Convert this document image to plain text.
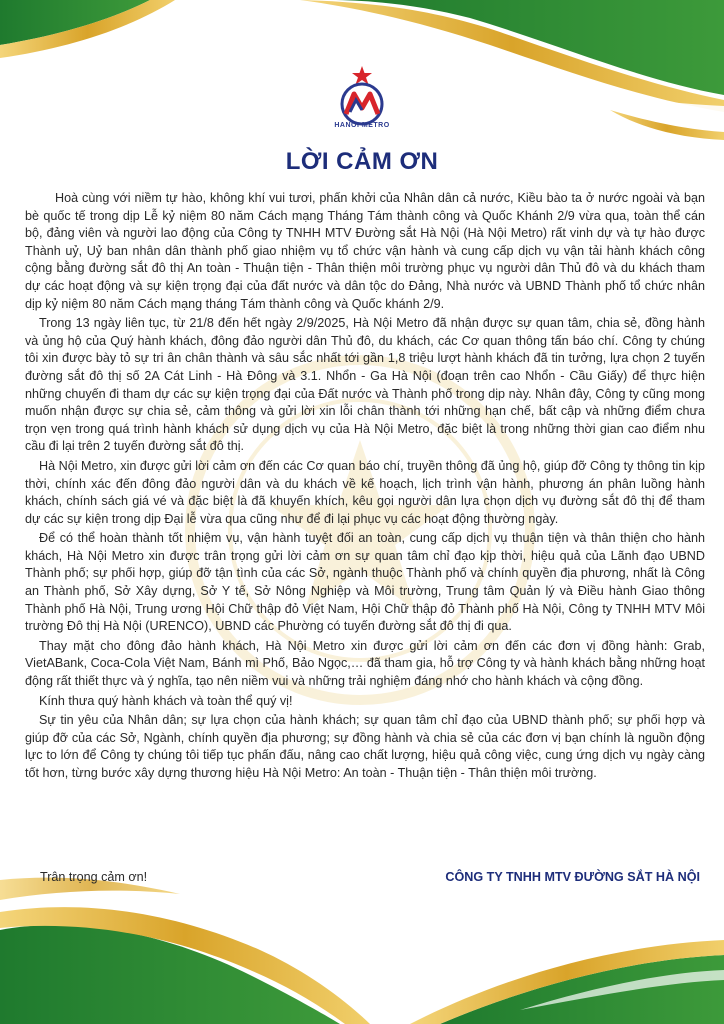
HANOI METRO
LỜI CẢM ƠN

Hoà cùng với niềm tự hào, không khí vui tươi, phấn khởi của Nhân dân cả nước, Kiều bào ta ở nước ngoài và bạn bè quốc tế trong dịp Lễ kỷ niệm 80 năm Cách mạng Tháng Tám thành công và Quốc Khánh 2/9 vừa qua, toàn thể cán bộ, đảng viên và người lao động của Công ty TNHH MTV Đường sắt Hà Nội (Hà Nội Metro) rất vinh dự và tự hào được Thành uỷ, Uỷ ban nhân dân thành phố giao nhiệm vụ tổ chức vận hành và cung cấp dịch vụ vận tải hành khách công cộng bằng đường sắt đô thị An toàn - Thuận tiện - Thân thiện môi trường phục vụ người dân Thủ đô và du khách tham dự các hoạt động và sự kiện trọng đại của đất nước và dân tộc do Đảng, Nhà nước và UBND Thành phố tổ chức nhân dịp kỷ niệm 80 năm Cách mạng tháng Tám thành công và Quốc khánh 2/9.

Trong 13 ngày liên tục, từ 21/8 đến hết ngày 2/9/2025, Hà Nội Metro đã nhận được sự quan tâm, chia sẻ, đồng hành và ủng hộ của Quý hành khách, đông đảo người dân Thủ đô, du khách, các Cơ quan thông tấn báo chí. Công ty chúng tôi xin được bày tỏ sự tri ân chân thành và sâu sắc nhất tới gần 1,8 triệu lượt hành khách đã tin tưởng, lựa chọn 2 tuyến đường sắt đô thị số 2A Cát Linh - Hà Đông và 3.1. Nhổn - Ga Hà Nội (đoạn trên cao Nhổn - Cầu Giấy) để thực hiện những chuyến đi tham dự các sự kiện trọng đại của Đất nước và Thành phố trong dịp này. Nhân đây, Công ty cũng mong muốn nhận được sự chia sẻ, cảm thông và gửi lời xin lỗi chân thành tới những hạn chế, bất cập và những điểm chưa trọn vẹn trong quá trình hành khách sử dụng dịch vụ của Hà Nội Metro, đặc biệt là trong những thời gian cao điểm nhu cầu đi lại trên 2 tuyến đường sắt đô thị.

Hà Nội Metro, xin được gửi lời cảm ơn đến các Cơ quan báo chí, truyền thông đã ủng hộ, giúp đỡ Công ty thông tin kịp thời, chính xác đến đông đảo người dân và du khách về kế hoạch, lịch trình vận hành, phương án phân luồng hành khách, chính sách giá vé và đặc biệt là đã khuyến khích, kêu gọi người dân lựa chọn dịch vụ đường sắt đô thị để tham dự các sự kiện trong dịp Đại lễ vừa qua cũng như để đi lại phục vụ các hoạt động thường ngày.

Để có thể hoàn thành tốt nhiệm vụ, vận hành tuyệt đối an toàn, cung cấp dịch vụ thuận tiện và thân thiện cho hành khách, Hà Nội Metro xin được trân trọng gửi lời cảm ơn sự quan tâm chỉ đạo kịp thời, hiệu quả của Lãnh đạo UBND Thành phố; sự phối hợp, giúp đỡ tận tình của các Sở, ngành thuộc Thành phố và chính quyền địa phương, nhất là Công an Thành phố, Sở Xây dựng, Sở Y tế, Sở Nông Nghiệp và Môi trường, Trung tâm Quản lý và Điều hành Giao thông Thành phố Hà Nội, Trung ương Hội Chữ thập đỏ Việt Nam, Hội Chữ thập đỏ Thành phố Hà Nội, Công ty TNHH MTV Môi trường Đô thị Hà Nội (URENCO), UBND các Phường có tuyến đường sắt đô thị đi qua.

Thay mặt cho đông đảo hành khách, Hà Nội Metro xin được gửi lời cảm ơn đến các đơn vị đồng hành: Grab, VietABank, Coca-Cola Việt Nam, Bánh mì Phố, Bảo Ngọc,… đã tham gia, hỗ trợ Công ty và hành khách bằng những hoạt động rất thiết thực và ý nghĩa, tạo nên niềm vui và những trải nghiệm đáng nhớ cho hành khách và cộng đồng.

Kính thưa quý hành khách và toàn thể quý vị!

Sự tin yêu của Nhân dân; sự lựa chọn của hành khách; sự quan tâm chỉ đạo của UBND thành phố; sự phối hợp và giúp đỡ của các Sở, Ngành, chính quyền địa phương; sự đồng hành và chia sẻ của các đơn vị bạn chính là nguồn động lực to lớn để Công ty chúng tôi tiếp tục phấn đấu, nâng cao chất lượng, hiệu quả công việc, cung ứng dịch vụ ngày càng tốt hơn, từng bước xây dựng thương hiệu Hà Nội Metro: An toàn - Thuận tiện - Thân thiện môi trường.

Trân trọng cảm ơn!	CÔNG TY TNHH MTV ĐƯỜNG SẮT HÀ NỘI
